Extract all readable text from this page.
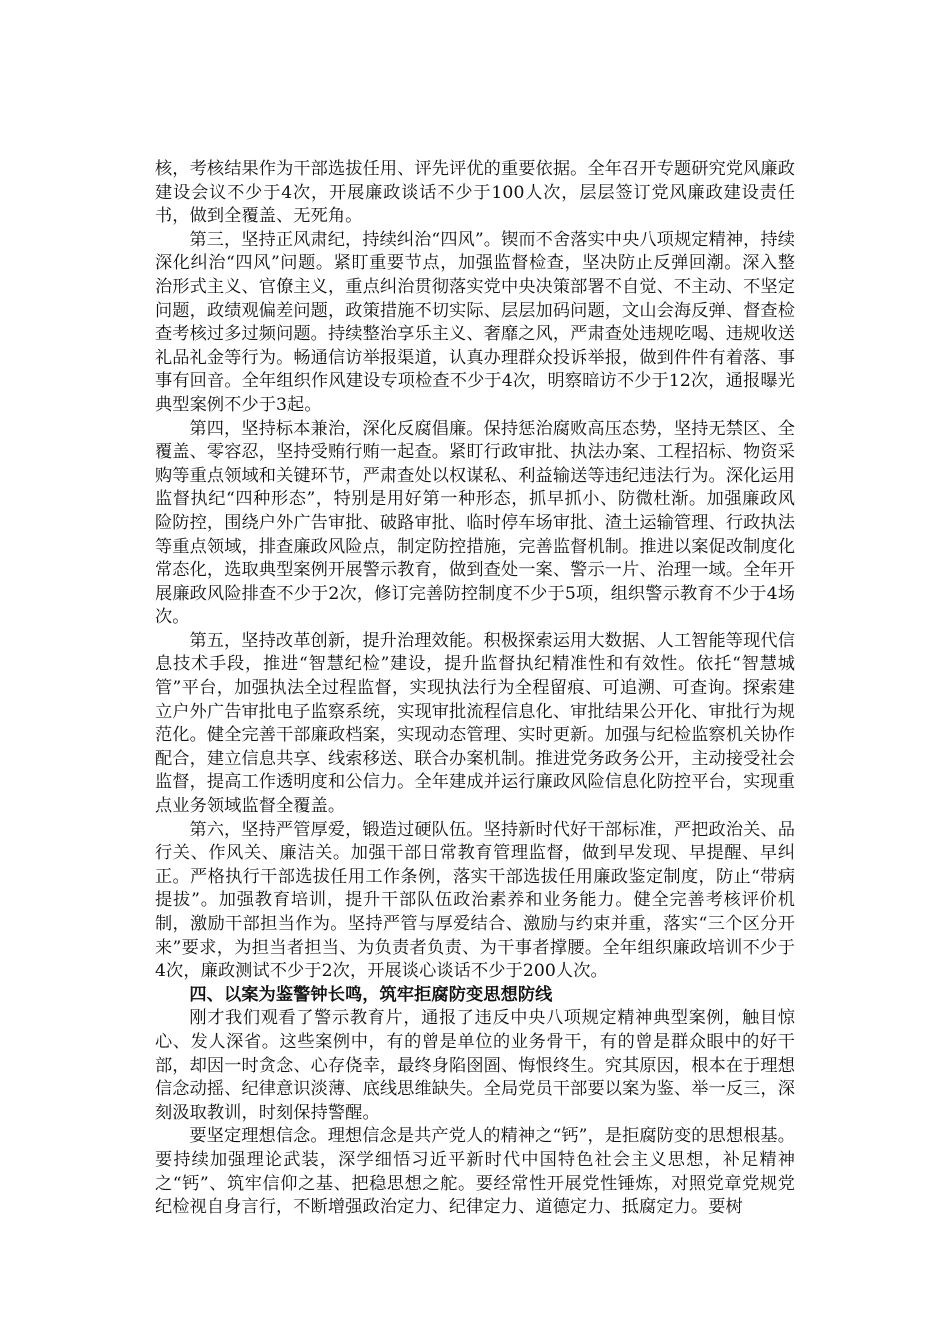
核，考核结果作为干部选拔任用、评先评优的重要依据。全年召开专题研究党风廉政建设会议不少于4次，开展廉政谈话不少于100人次，层层签订党风廉政建设责任书，做到全覆盖、无死角。

第三，坚持正风肃纪，持续纠治“四风”。锲而不舍落实中央八项规定精神，持续深化纠治“四风”问题。紧盯重要节点，加强监督检查，坚决防止反弹回潮。深入整治形式主义、官僚主义，重点纠治贯彻落实党中央决策部署不自觉、不主动、不坚定问题，政绩观偏差问题，政策措施不切实际、层层加码问题，文山会海反弹、督查检查考核过多过频问题。持续整治享乐主义、奢靡之风，严肃查处违规吃喝、违规收送礼品礼金等行为。畅通信访举报渠道，认真办理群众投诉举报，做到件件有着落、事事有回音。全年组织作风建设专项检查不少于4次，明察暗访不少于12次，通报曝光典型案例不少于3起。

第四，坚持标本兼治，深化反腐倡廉。保持惩治腐败高压态势，坚持无禁区、全覆盖、零容忍，坚持受贿行贿一起查。紧盯行政审批、执法办案、工程招标、物资采购等重点领域和关键环节，严肃查处以权谋私、利益输送等违纪违法行为。深化运用监督执纪“四种形态”，特别是用好第一种形态，抓早抓小、防微杜渐。加强廉政风险防控，围绕户外广告审批、破路审批、临时停车场审批、渣土运输管理、行政执法等重点领域，排查廉政风险点，制定防控措施，完善监督机制。推进以案促改制度化常态化，选取典型案例开展警示教育，做到查处一案、警示一片、治理一域。全年开展廉政风险排查不少于2次，修订完善防控制度不少于5项，组织警示教育不少于4场次。

第五，坚持改革创新，提升治理效能。积极探索运用大数据、人工智能等现代信息技术手段，推进“智慧纪检”建设，提升监督执纪精准性和有效性。依托“智慧城管”平台，加强执法全过程监督，实现执法行为全程留痕、可追溯、可查询。探索建立户外广告审批电子监察系统，实现审批流程信息化、审批结果公开化、审批行为规范化。健全完善干部廉政档案，实现动态管理、实时更新。加强与纪检监察机关协作配合，建立信息共享、线索移送、联合办案机制。推进党务政务公开，主动接受社会监督，提高工作透明度和公信力。全年建成并运行廉政风险信息化防控平台，实现重点业务领域监督全覆盖。

第六，坚持严管厚爱，锻造过硬队伍。坚持新时代好干部标准，严把政治关、品行关、作风关、廉洁关。加强干部日常教育管理监督，做到早发现、早提醒、早纠正。严格执行干部选拔任用工作条例，落实干部选拔任用廉政鉴定制度，防止“带病提拔”。加强教育培训，提升干部队伍政治素养和业务能力。健全完善考核评价机制，激励干部担当作为。坚持严管与厚爱结合、激励与约束并重，落实“三个区分开来”要求，为担当者担当、为负责者负责、为干事者撑腰。全年组织廉政培训不少于4次，廉政测试不少于2次，开展谈心谈话不少于200人次。

四、以案为鉴警钟长鸣，筑牢拒腐防变思想防线

刚才我们观看了警示教育片，通报了违反中央八项规定精神典型案例，触目惊心、发人深省。这些案例中，有的曾是单位的业务骨干，有的曾是群众眼中的好干部，却因一时贪念、心存侥幸，最终身陷囹圄、悔恨终生。究其原因，根本在于理想信念动摇、纪律意识淡薄、底线思维缺失。全局党员干部要以案为鉴、举一反三，深刻汲取教训，时刻保持警醒。

要坚定理想信念。理想信念是共产党人的精神之“钙”，是拒腐防变的思想根基。要持续加强理论武装，深学细悟习近平新时代中国特色社会主义思想，补足精神之“钙”、筑牢信仰之基、把稳思想之舵。要经常性开展党性锤炼，对照党章党规党纪检视自身言行，不断增强政治定力、纪律定力、道德定力、抵腐定力。要树
